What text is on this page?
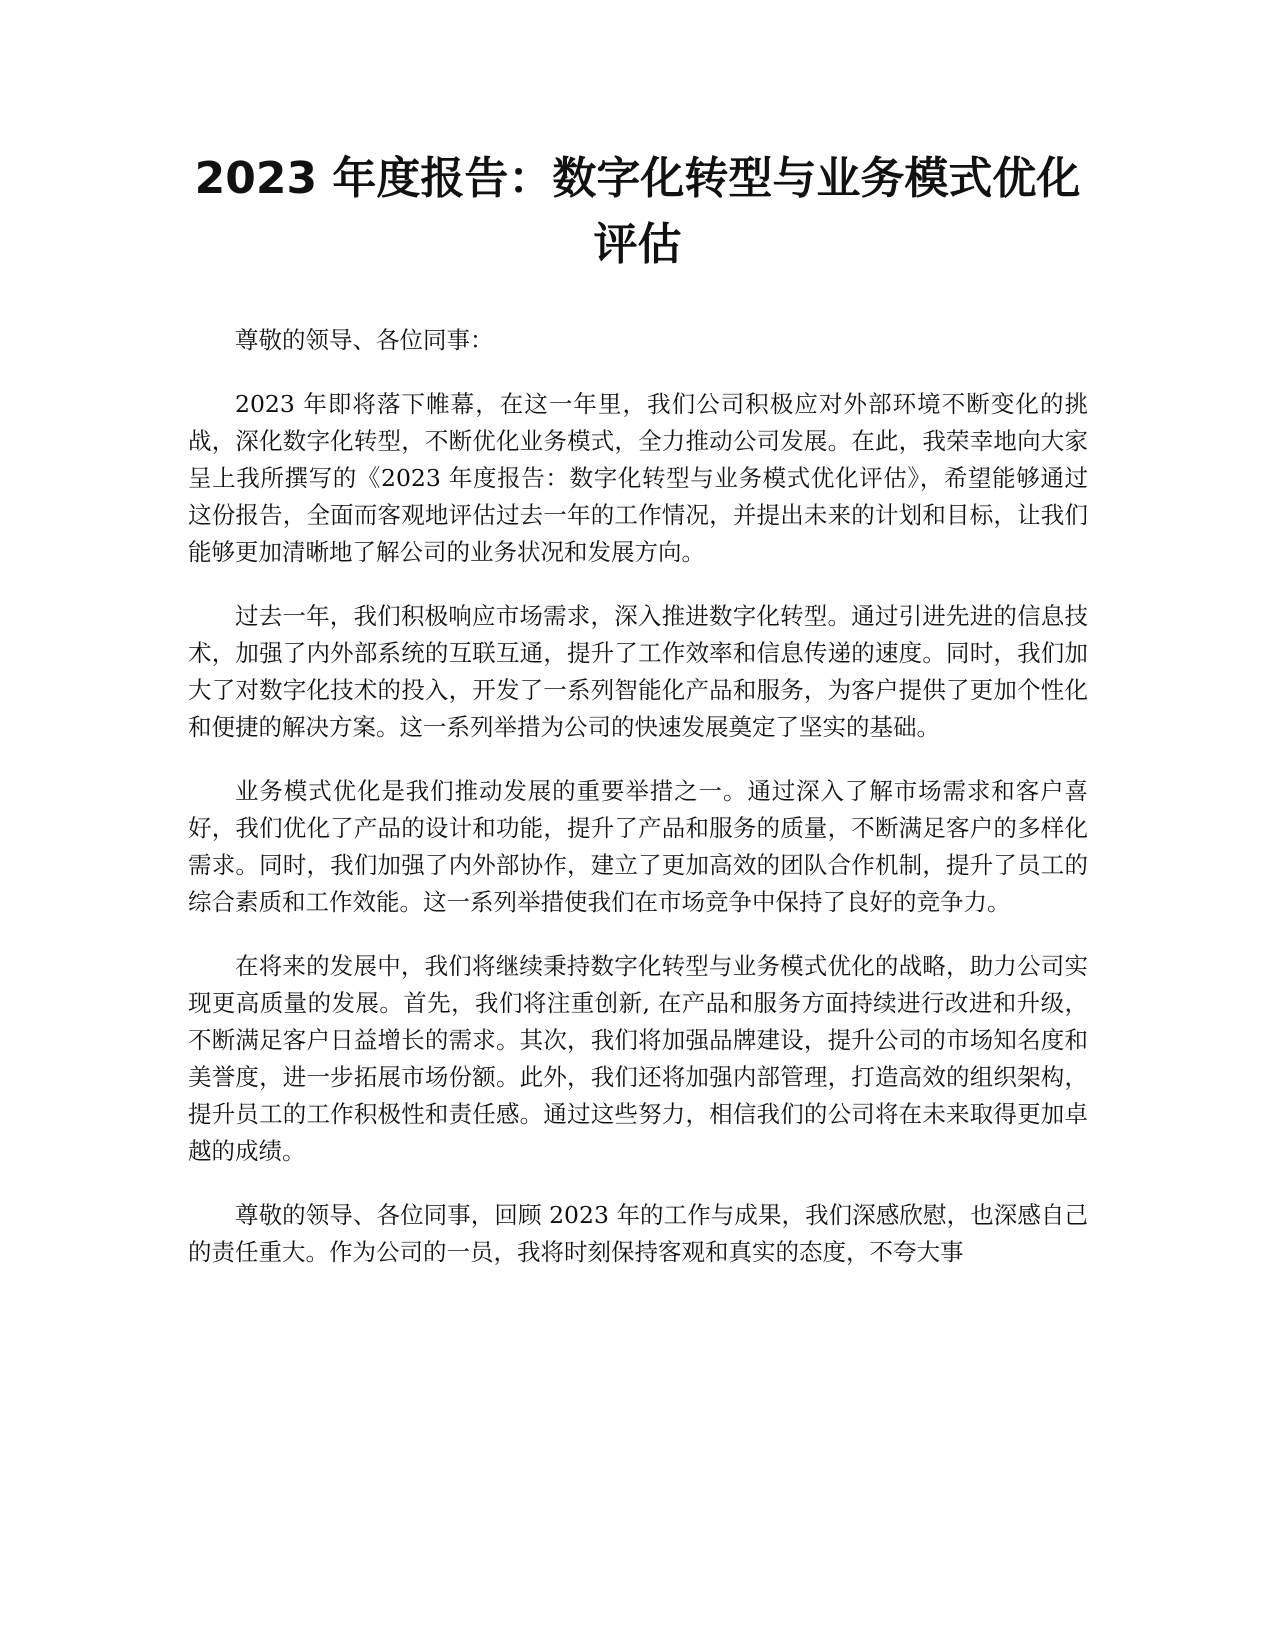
2023 年度报告：数字化转型与业务模式优化评估

尊敬的领导、各位同事：

2023 年即将落下帷幕，在这一年里，我们公司积极应对外部环境不断变化的挑战，深化数字化转型，不断优化业务模式，全力推动公司发展。在此，我荣幸地向大家呈上我所撰写的《2023 年度报告：数字化转型与业务模式优化评估》，希望能够通过这份报告，全面而客观地评估过去一年的工作情况，并提出未来的计划和目标，让我们能够更加清晰地了解公司的业务状况和发展方向。

过去一年，我们积极响应市场需求，深入推进数字化转型。通过引进先进的信息技术，加强了内外部系统的互联互通，提升了工作效率和信息传递的速度。同时，我们加大了对数字化技术的投入，开发了一系列智能化产品和服务，为客户提供了更加个性化和便捷的解决方案。这一系列举措为公司的快速发展奠定了坚实的基础。

业务模式优化是我们推动发展的重要举措之一。通过深入了解市场需求和客户喜好，我们优化了产品的设计和功能，提升了产品和服务的质量，不断满足客户的多样化需求。同时，我们加强了内外部协作，建立了更加高效的团队合作机制，提升了员工的综合素质和工作效能。这一系列举措使我们在市场竞争中保持了良好的竞争力。

在将来的发展中，我们将继续秉持数字化转型与业务模式优化的战略，助力公司实现更高质量的发展。首先，我们将注重创新, 在产品和服务方面持续进行改进和升级，不断满足客户日益增长的需求。其次，我们将加强品牌建设，提升公司的市场知名度和美誉度，进一步拓展市场份额。此外，我们还将加强内部管理，打造高效的组织架构，提升员工的工作积极性和责任感。通过这些努力，相信我们的公司将在未来取得更加卓越的成绩。

尊敬的领导、各位同事，回顾 2023 年的工作与成果，我们深感欣慰，也深感自己的责任重大。作为公司的一员，我将时刻保持客观和真实的态度，不夸大事
